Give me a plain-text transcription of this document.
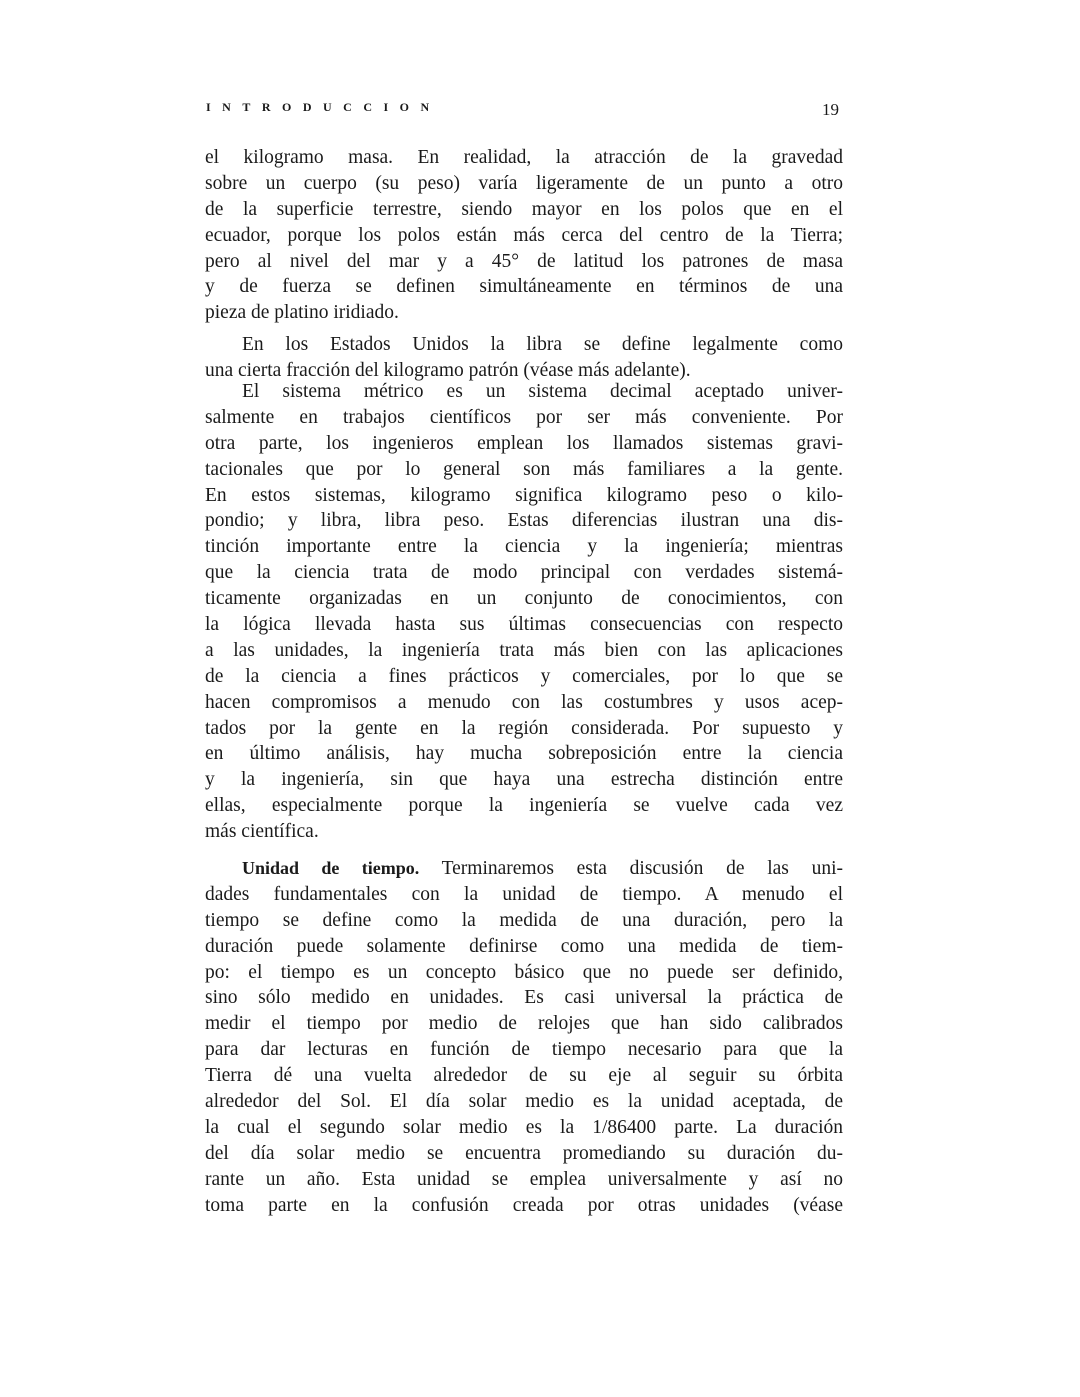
INTRODUCCION	19
el kilogramo masa. En realidad, la atracción de la gravedad
sobre un cuerpo (su peso) varía ligeramente de un punto a otro
de la superficie terrestre, siendo mayor en los polos que en el
ecuador, porque los polos están más cerca del centro de la Tierra;
pero al nivel del mar y a 45° de latitud los patrones de masa
y de fuerza se definen simultáneamente en términos de una
pieza de platino iridiado.
En los Estados Unidos la libra se define legalmente como
una cierta fracción del kilogramo patrón (véase más adelante).
El sistema métrico es un sistema decimal aceptado univer-
salmente en trabajos científicos por ser más conveniente. Por
otra parte, los ingenieros emplean los llamados sistemas gravi-
tacionales que por lo general son más familiares a la gente.
En estos sistemas, kilogramo significa kilogramo peso o kilo-
pondio; y libra, libra peso. Estas diferencias ilustran una dis-
tinción importante entre la ciencia y la ingeniería; mientras
que la ciencia trata de modo principal con verdades sistemá-
ticamente organizadas en un conjunto de conocimientos, con
la lógica llevada hasta sus últimas consecuencias con respecto
a las unidades, la ingeniería trata más bien con las aplicaciones
de la ciencia a fines prácticos y comerciales, por lo que se
hacen compromisos a menudo con las costumbres y usos acep-
tados por la gente en la región considerada. Por supuesto y
en último análisis, hay mucha sobreposición entre la ciencia
y la ingeniería, sin que haya una estrecha distinción entre
ellas, especialmente porque la ingeniería se vuelve cada vez
más científica.
Unidad de tiempo. Terminaremos esta discusión de las uni-
dades fundamentales con la unidad de tiempo. A menudo el
tiempo se define como la medida de una duración, pero la
duración puede solamente definirse como una medida de tiem-
po: el tiempo es un concepto básico que no puede ser definido,
sino sólo medido en unidades. Es casi universal la práctica de
medir el tiempo por medio de relojes que han sido calibrados
para dar lecturas en función de tiempo necesario para que la
Tierra dé una vuelta alrededor de su eje al seguir su órbita
alrededor del Sol. El día solar medio es la unidad aceptada, de
la cual el segundo solar medio es la 1/86400 parte. La duración
del día solar medio se encuentra promediando su duración du-
rante un año. Esta unidad se emplea universalmente y así no
toma parte en la confusión creada por otras unidades (véase
